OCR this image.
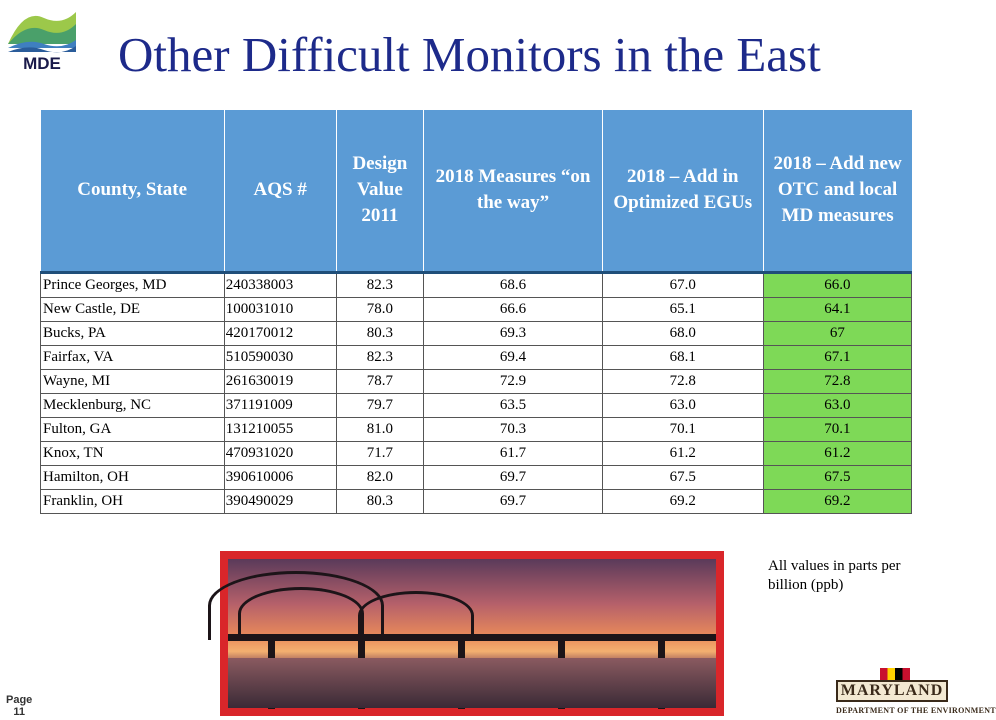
MDE	Other Difficult Monitors in the East
County, State	AQS #	Design Value 2011	2018 Measures “on the way”	2018 – Add in Optimized EGUs	2018 – Add new OTC and local MD measures
Prince Georges, MD	240338003	82.3	68.6	67.0	66.0
New Castle, DE	100031010	78.0	66.6	65.1	64.1
Bucks, PA	420170012	80.3	69.3	68.0	67
Fairfax, VA	510590030	82.3	69.4	68.1	67.1
Wayne, MI	261630019	78.7	72.9	72.8	72.8
Mecklenburg, NC	371191009	79.7	63.5	63.0	63.0
Fulton, GA	131210055	81.0	70.3	70.1	70.1
Knox, TN	470931020	71.7	61.7	61.2	61.2
Hamilton, OH	390610006	82.0	69.7	67.5	67.5
Franklin, OH	390490029	80.3	69.7	69.2	69.2
All values in parts per billion (ppb)
Page
11
MARYLAND
DEPARTMENT OF THE ENVIRONMENT
